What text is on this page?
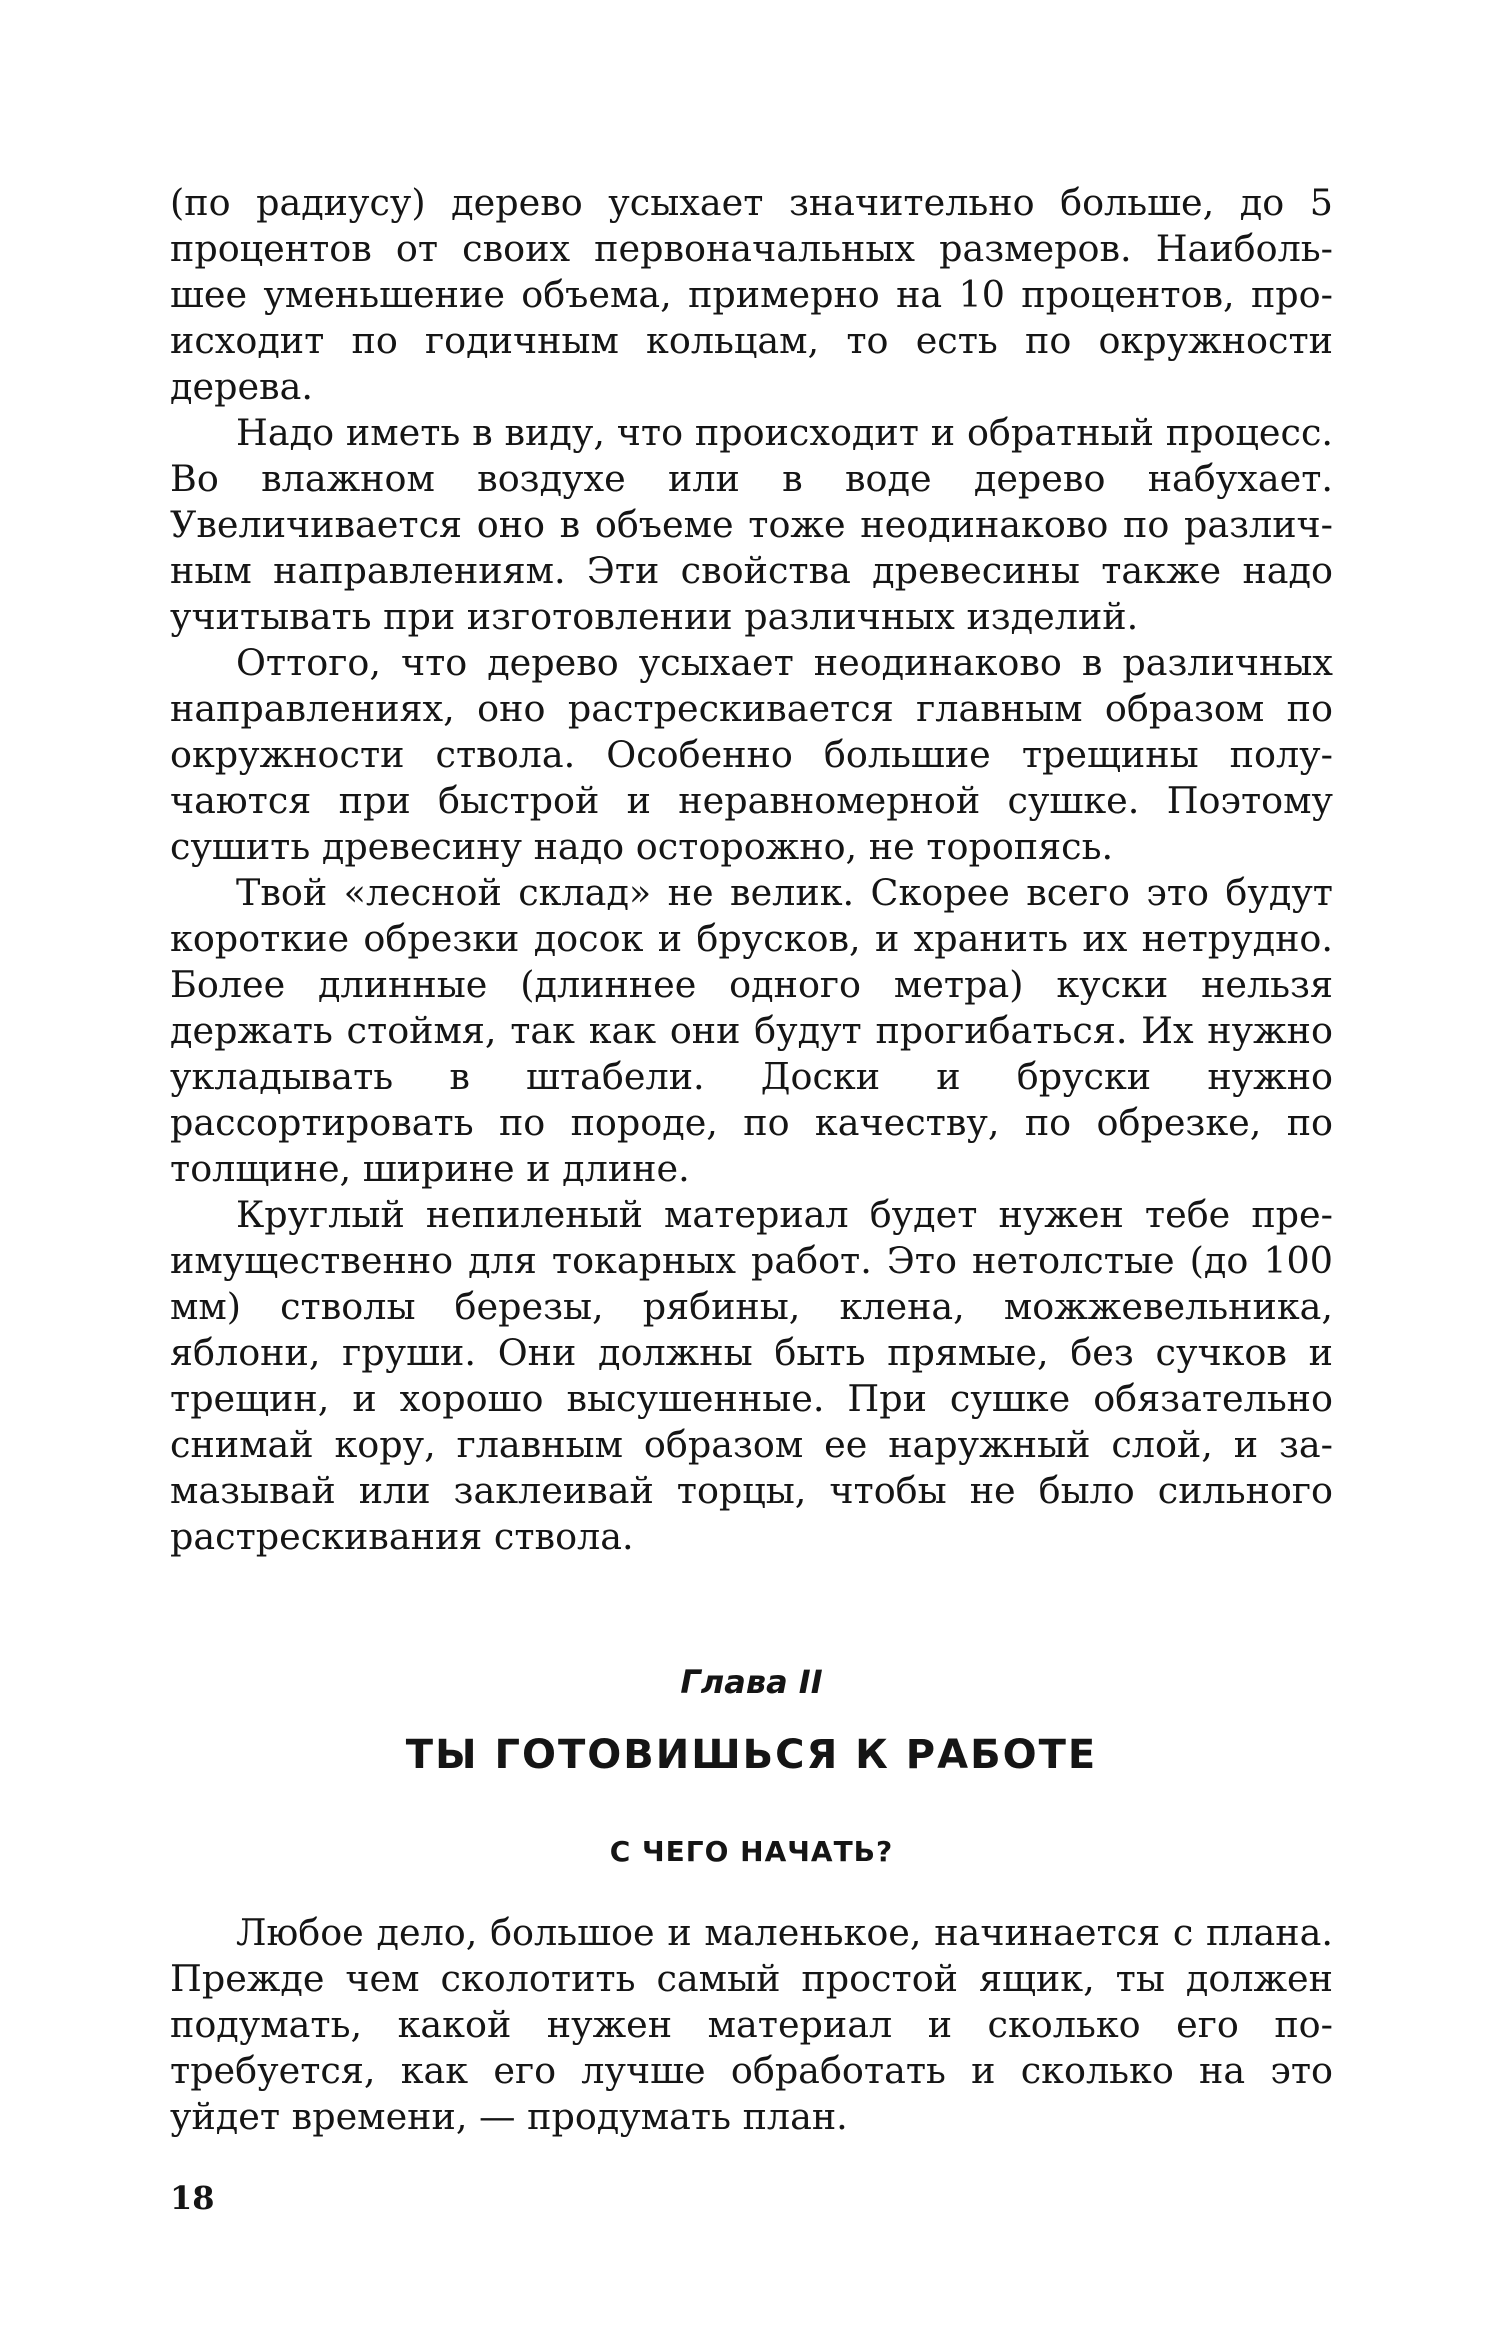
(по радиусу) дерево усыхает значительно больше, до 5 процентов от своих первоначальных размеров. Наибольшее уменьшение объема, примерно на 10 процентов, происходит по годичным кольцам, то есть по окружности дерева.

Надо иметь в виду, что происходит и обратный процесс. Во влажном воздухе или в воде дерево набухает. Увеличивается оно в объеме тоже неодинаково по различным направлениям. Эти свойства древесины также надо учитывать при изготовлении различных изделий.

Оттого, что дерево усыхает неодинаково в различных направлениях, оно растрескивается главным образом по окружности ствола. Особенно большие трещины получаются при быстрой и неравномерной сушке. Поэтому сушить древесину надо осторожно, не торопясь.

Твой «лесной склад» не велик. Скорее всего это будут короткие обрезки досок и брусков, и хранить их нетрудно. Более длинные (длиннее одного метра) куски нельзя держать стоймя, так как они будут прогибаться. Их нужно укладывать в штабели. Доски и бруски нужно рассортировать по породе, по качеству, по обрезке, по толщине, ширине и длине.

Круглый непиленый материал будет нужен тебе преимущественно для токарных работ. Это нетолстые (до 100 мм) стволы березы, рябины, клена, можжевельника, яблони, груши. Они должны быть прямые, без сучков и трещин, и хорошо высушенные. При сушке обязательно снимай кору, главным образом ее наружный слой, и замазывай или заклеивай торцы, чтобы не было сильного растрескивания ствола.

Глава II
ТЫ ГОТОВИШЬСЯ К РАБОТЕ
С ЧЕГО НАЧАТЬ?

Любое дело, большое и маленькое, начинается с плана. Прежде чем сколотить самый простой ящик, ты должен подумать, какой нужен материал и сколько его потребуется, как его лучше обработать и сколько на это уйдет времени, — продумать план.

18
